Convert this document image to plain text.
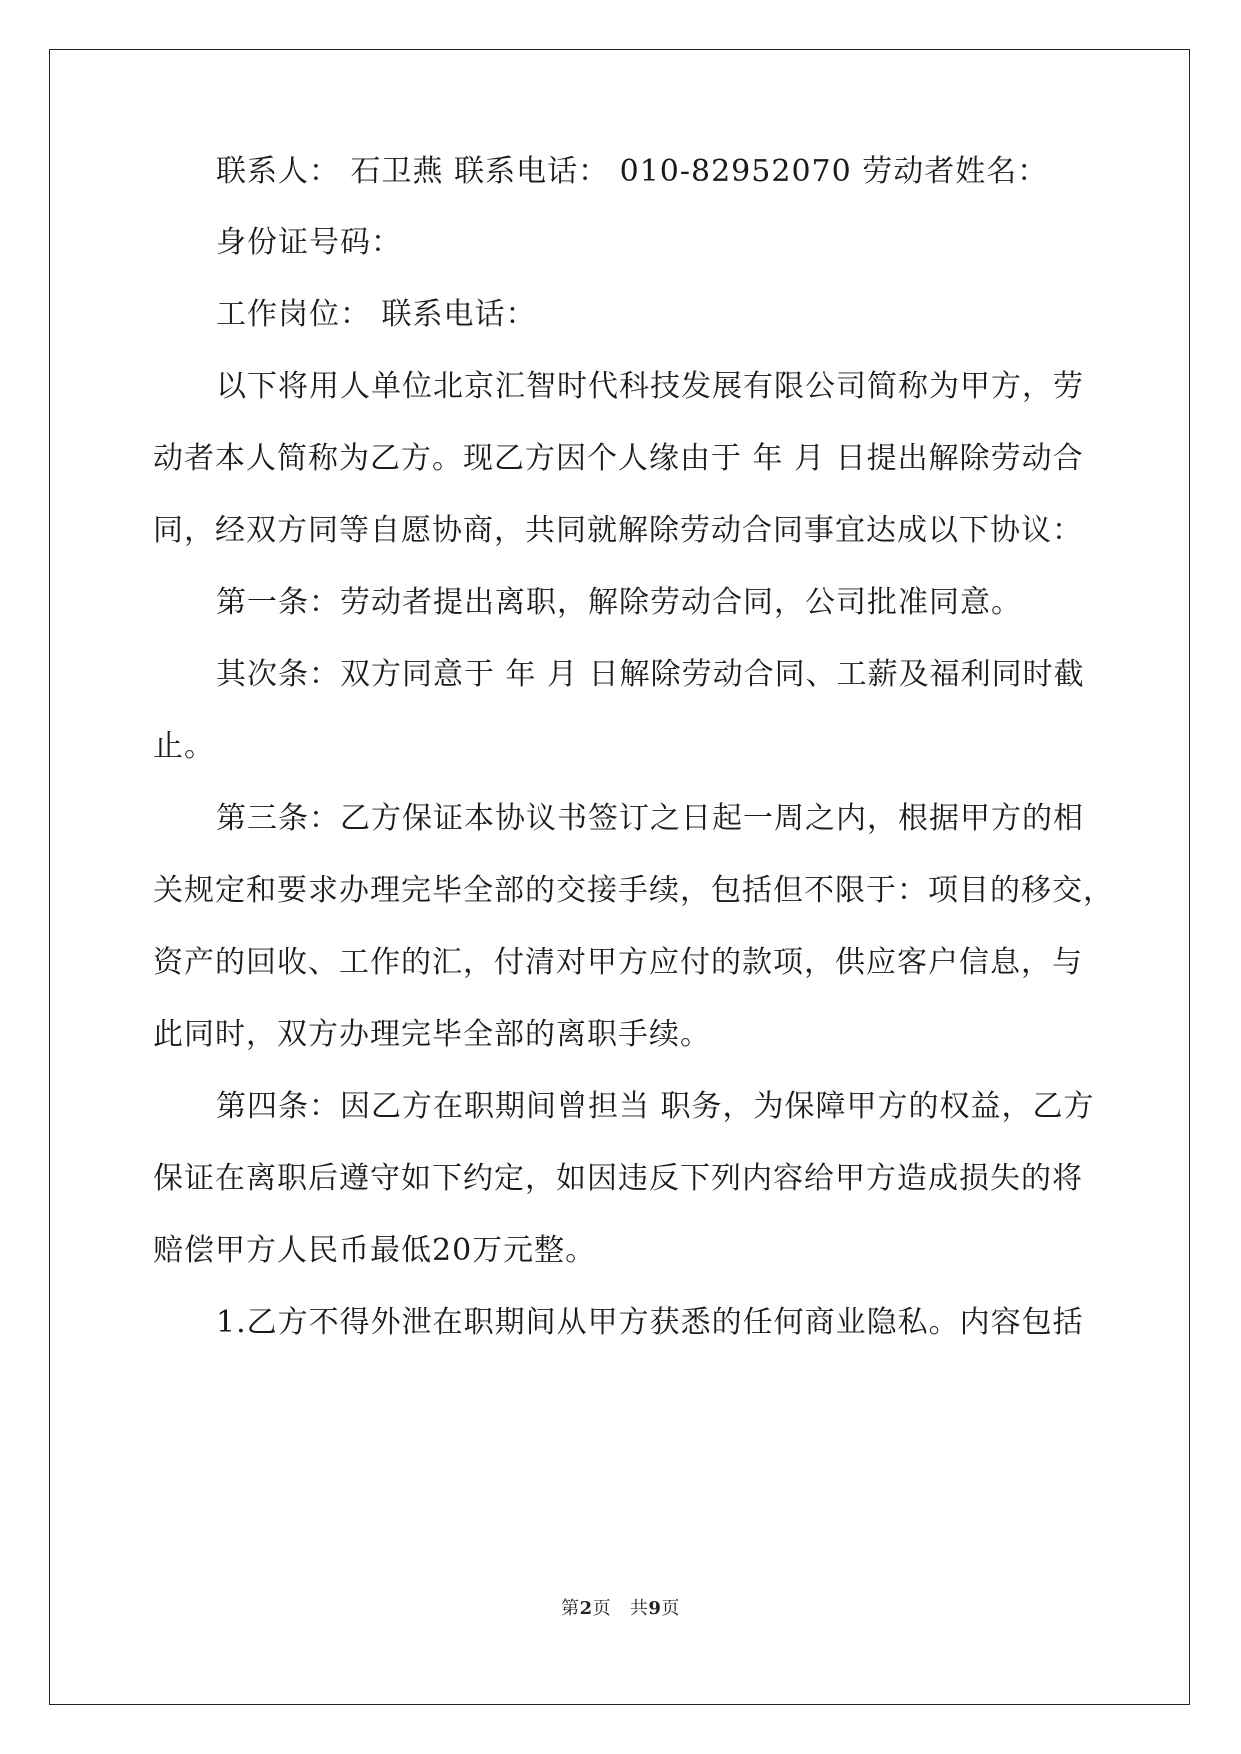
联系人： 石卫燕 联系电话： 010-82952070 劳动者姓名：
身份证号码：
工作岗位： 联系电话：
以下将用人单位北京汇智时代科技发展有限公司简称为甲方，劳
动者本人简称为乙方。现乙方因个人缘由于 年 月 日提出解除劳动合
同，经双方同等自愿协商，共同就解除劳动合同事宜达成以下协议：
第一条：劳动者提出离职，解除劳动合同，公司批准同意。
其次条：双方同意于 年 月 日解除劳动合同、工薪及福利同时截
止。
第三条：乙方保证本协议书签订之日起一周之内，根据甲方的相
关规定和要求办理完毕全部的交接手续，包括但不限于：项目的移交，
资产的回收、工作的汇，付清对甲方应付的款项，供应客户信息，与
此同时，双方办理完毕全部的离职手续。
第四条：因乙方在职期间曾担当 职务，为保障甲方的权益，乙方
保证在离职后遵守如下约定，如因违反下列内容给甲方造成损失的将
赔偿甲方人民币最低20万元整。
1.乙方不得外泄在职期间从甲方获悉的任何商业隐私。内容包括
第2页 共9页
